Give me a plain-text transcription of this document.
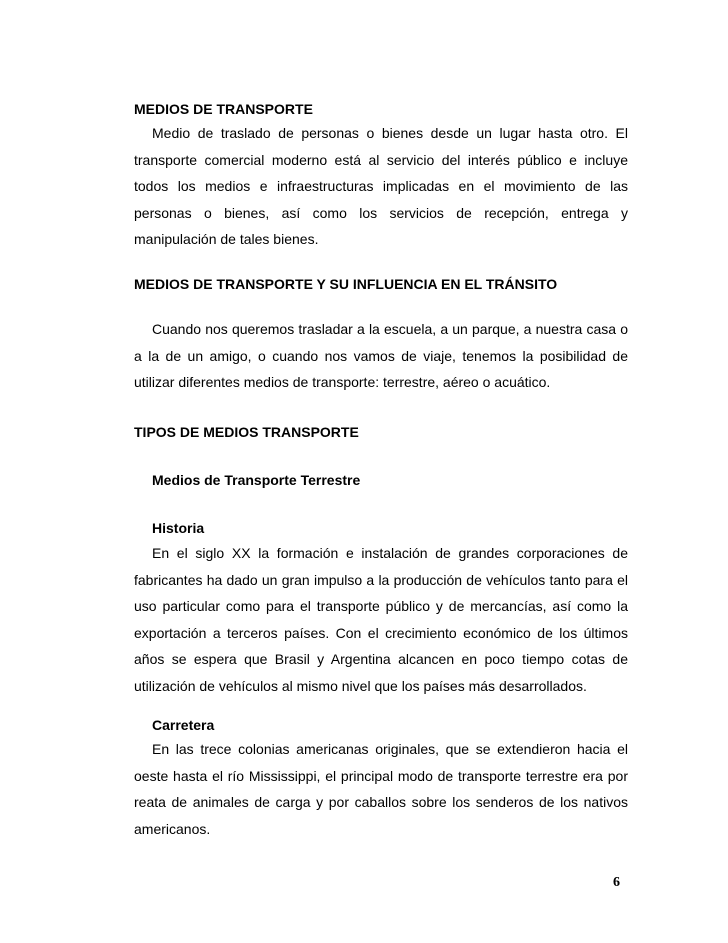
MEDIOS DE TRANSPORTE
Medio de traslado de personas o bienes desde un lugar hasta otro. El transporte comercial moderno está al servicio del interés público e incluye todos los medios e infraestructuras implicadas en el movimiento de las personas o bienes, así como los servicios de recepción, entrega y manipulación de tales bienes.
MEDIOS DE TRANSPORTE Y SU INFLUENCIA EN EL TRÁNSITO
Cuando nos queremos trasladar a la escuela, a un parque, a nuestra casa o a la de un amigo, o cuando nos vamos de viaje, tenemos la posibilidad de utilizar diferentes medios de transporte: terrestre, aéreo o acuático.
TIPOS DE MEDIOS TRANSPORTE
Medios de Transporte Terrestre
Historia
En el siglo XX la formación e instalación de grandes corporaciones de fabricantes ha dado un gran impulso a la producción de vehículos tanto para el uso particular como para el transporte público y de mercancías, así como la exportación a terceros países. Con el crecimiento económico de los últimos años se espera que Brasil y Argentina alcancen en poco tiempo cotas de utilización de vehículos al mismo nivel que los países más desarrollados.
Carretera
En las trece colonias americanas originales, que se extendieron hacia el oeste hasta el río Mississippi, el principal modo de transporte terrestre era por reata de animales de carga y por caballos sobre los senderos de los nativos americanos.
6
